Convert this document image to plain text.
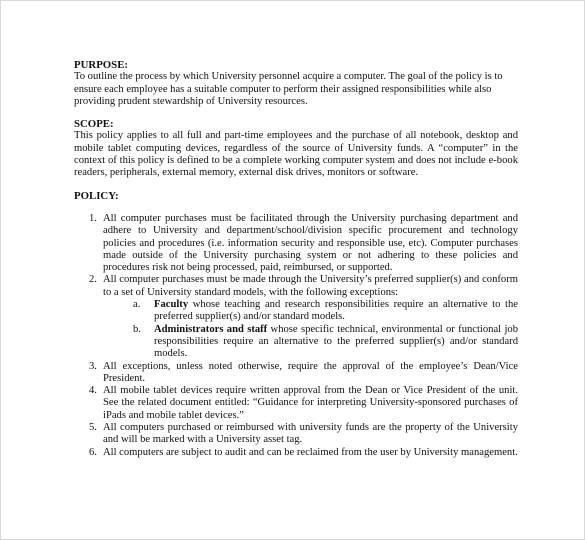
PURPOSE:

To outline the process by which University personnel acquire a computer. The goal of the policy is to ensure each employee has a suitable computer to perform their assigned responsibilities while also providing prudent stewardship of University resources.

SCOPE:

This policy applies to all full and part-time employees and the purchase of all notebook, desktop and mobile tablet computing devices, regardless of the source of University funds. A “computer” in the context of this policy is defined to be a complete working computer system and does not include e-book readers, peripherals, external memory, external disk drives, monitors or software.

POLICY:

1. All computer purchases must be facilitated through the University purchasing department and adhere to University and department/school/division specific procurement and technology policies and procedures (i.e. information security and responsible use, etc). Computer purchases made outside of the University purchasing system or not adhering to these policies and procedures risk not being processed, paid, reimbursed, or supported.
2. All computer purchases must be made through the University’s preferred supplier(s) and conform to a set of University standard models, with the following exceptions:
a. Faculty whose teaching and research responsibilities require an alternative to the preferred supplier(s) and/or standard models.
b. Administrators and staff whose specific technical, environmental or functional job responsibilities require an alternative to the preferred supplier(s) and/or standard models.
3. All exceptions, unless noted otherwise, require the approval of the employee’s Dean/Vice President.
4. All mobile tablet devices require written approval from the Dean or Vice President of the unit. See the related document entitled: “Guidance for interpreting University-sponsored purchases of iPads and mobile tablet devices.”
5. All computers purchased or reimbursed with university funds are the property of the University and will be marked with a University asset tag.
6. All computers are subject to audit and can be reclaimed from the user by University management.
